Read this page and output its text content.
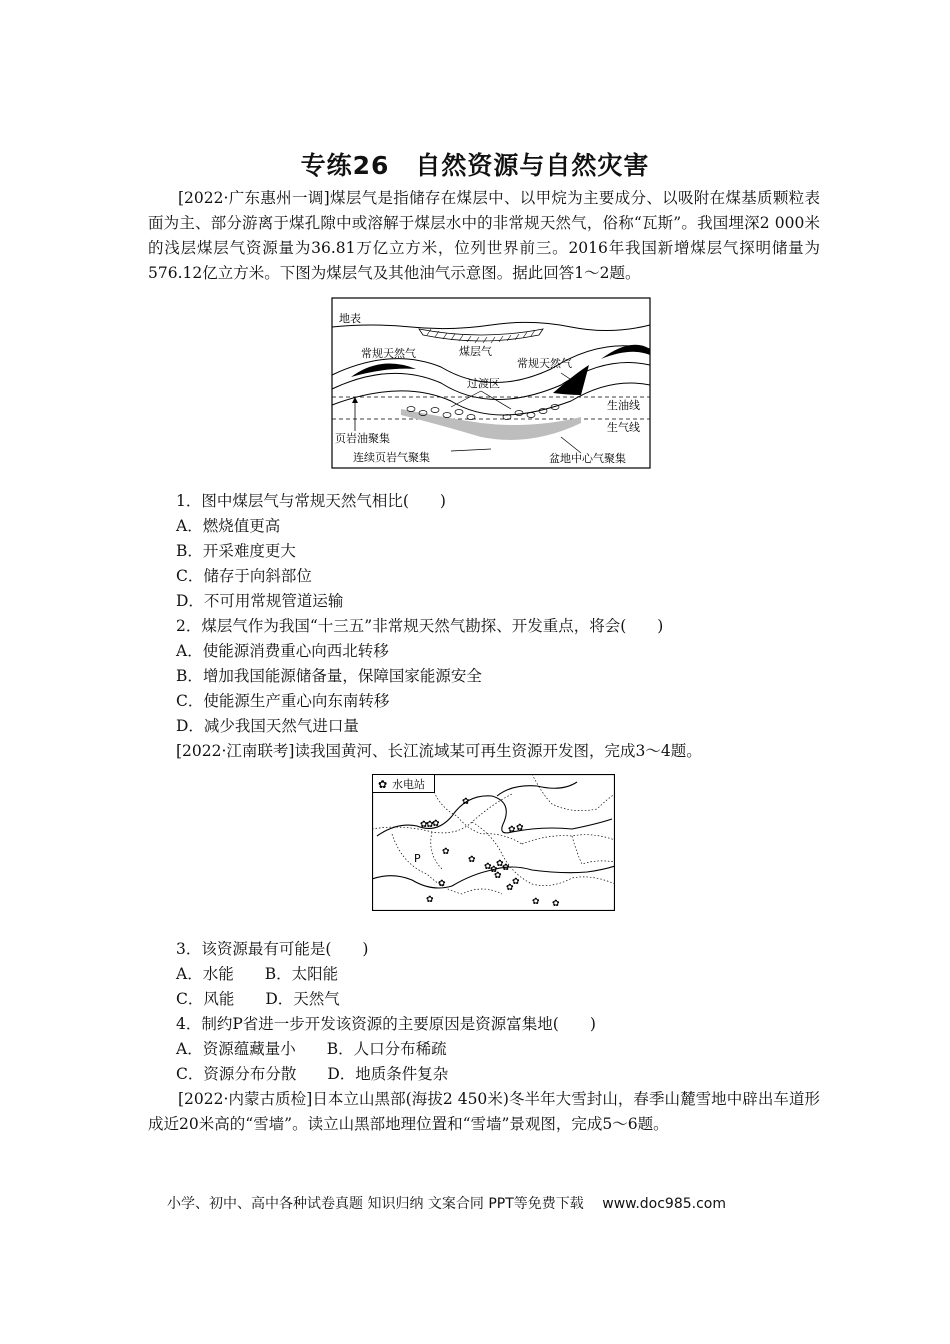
专练26　自然资源与自然灾害

[2022·广东惠州一调]煤层气是指储存在煤层中、以甲烷为主要成分、以吸附在煤基质颗粒表面为主、部分游离于煤孔隙中或溶解于煤层水中的非常规天然气，俗称“瓦斯”。我国埋深2 000米的浅层煤层气资源量为36.81万亿立方米，位列世界前三。2016年我国新增煤层气探明储量为576.12亿立方米。下图为煤层气及其他油气示意图。据此回答1～2题。

地表
常规天然气	煤层气
常规天然气
过渡区
生油线
生气线
页岩油聚集
连续页岩气聚集	盆地中心气聚集

1．图中煤层气与常规天然气相比(　　)

A．燃烧值更高

B．开采难度更大

C．储存于向斜部位

D．不可用常规管道运输

2．煤层气作为我国“十三五”非常规天然气勘探、开发重点，将会(　　)

A．使能源消费重心向西北转移

B．增加我国能源储备量，保障国家能源安全

C．使能源生产重心向东南转移

D．减少我国天然气进口量

[2022·江南联考]读我国黄河、长江流域某可再生资源开发图，完成3～4题。

✿ 水电站
✿
✿
✿
✿
✿
✿
✿
✿
✿
✿
✿
✿
✿
✿
✿
✿ ✿
✿ ✿
P

3．该资源最有可能是(　　)

A．水能　　B．太阳能

C．风能　　D．天然气

4．制约P省进一步开发该资源的主要原因是资源富集地(　　)

A．资源蕴藏量小　　B．人口分布稀疏

C．资源分布分散　　D．地质条件复杂

[2022·内蒙古质检]日本立山黑部(海拔2 450米)冬半年大雪封山，春季山麓雪地中辟出车道形成近20米高的“雪墙”。读立山黑部地理位置和“雪墙”景观图，完成5～6题。

小学、初中、高中各种试卷真题 知识归纳 文案合同 PPT等免费下载 www.doc985.com
